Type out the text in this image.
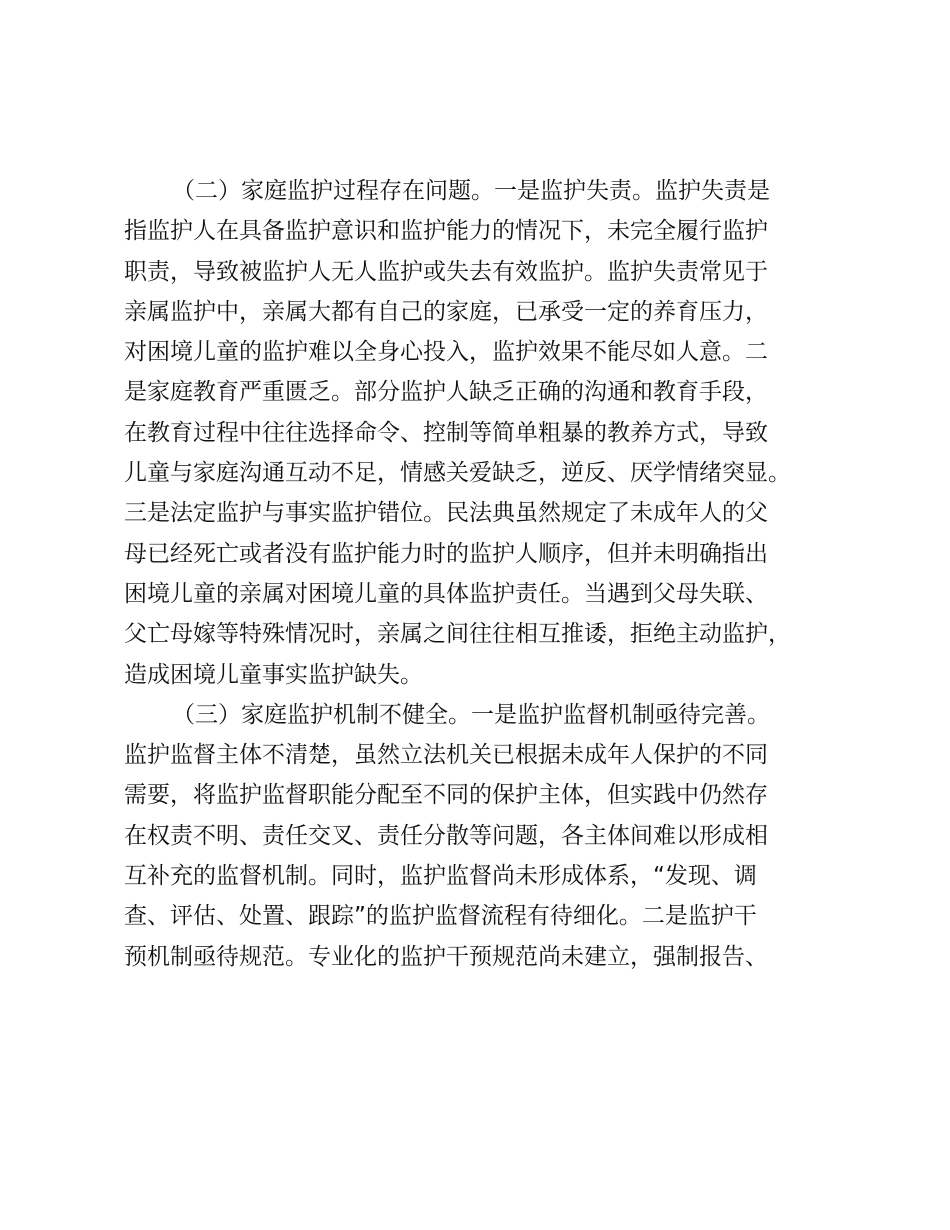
（二）家庭监护过程存在问题。一是监护失责。监护失责是
指监护人在具备监护意识和监护能力的情况下，未完全履行监护
职责，导致被监护人无人监护或失去有效监护。监护失责常见于
亲属监护中，亲属大都有自己的家庭，已承受一定的养育压力，
对困境儿童的监护难以全身心投入，监护效果不能尽如人意。二
是家庭教育严重匮乏。部分监护人缺乏正确的沟通和教育手段，
在教育过程中往往选择命令、控制等简单粗暴的教养方式，导致
儿童与家庭沟通互动不足，情感关爱缺乏，逆反、厌学情绪突显。
三是法定监护与事实监护错位。民法典虽然规定了未成年人的父
母已经死亡或者没有监护能力时的监护人顺序，但并未明确指出
困境儿童的亲属对困境儿童的具体监护责任。当遇到父母失联、
父亡母嫁等特殊情况时，亲属之间往往相互推诿，拒绝主动监护，
造成困境儿童事实监护缺失。
（三）家庭监护机制不健全。一是监护监督机制亟待完善。
监护监督主体不清楚，虽然立法机关已根据未成年人保护的不同
需要，将监护监督职能分配至不同的保护主体，但实践中仍然存
在权责不明、责任交叉、责任分散等问题，各主体间难以形成相
互补充的监督机制。同时，监护监督尚未形成体系，“发现、调
查、评估、处置、跟踪”的监护监督流程有待细化。二是监护干
预机制亟待规范。专业化的监护干预规范尚未建立，强制报告、
